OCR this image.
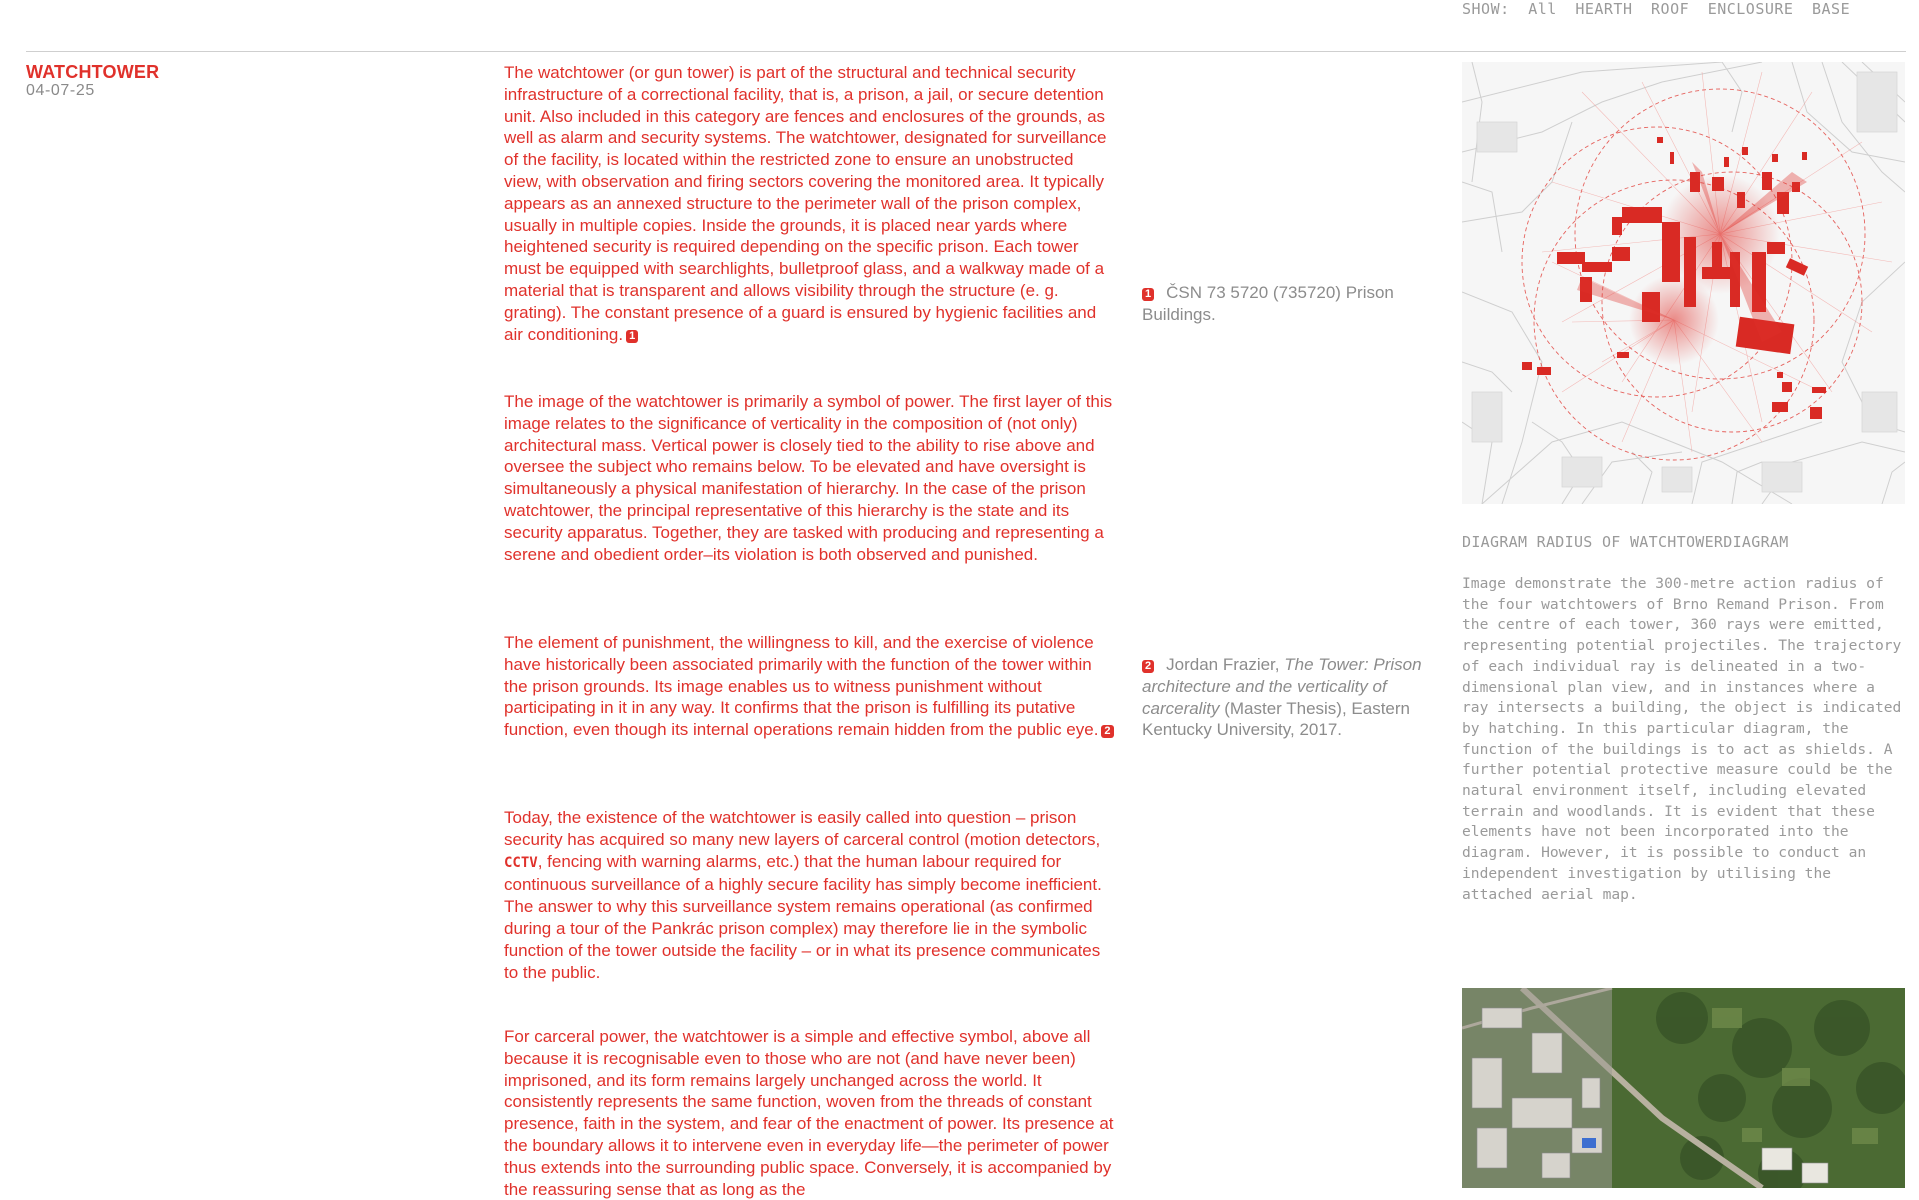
SHOW: All HEARTH ROOF ENCLOSURE BASE
WATCHTOWER
04-07-25

The watchtower (or gun tower) is part of the structural and technical security infrastructure of a correctional facility, that is, a prison, a jail, or secure detention unit. Also included in this category are fences and enclosures of the grounds, as well as alarm and security systems. The watchtower, designated for surveillance of the facility, is located within the restricted zone to ensure an unobstructed view, with observation and firing sectors covering the monitored area. It typically appears as an annexed structure to the perimeter wall of the prison complex, usually in multiple copies. Inside the grounds, it is placed near yards where heightened security is required depending on the specific prison. Each tower must be equipped with searchlights, bulletproof glass, and a walkway made of a material that is transparent and allows visibility through the structure (e. g. grating). The constant presence of a guard is ensured by hygienic facilities and air conditioning. 1

The image of the watchtower is primarily a symbol of power. The first layer of this image relates to the significance of verticality in the composition of (not only) architectural mass. Vertical power is closely tied to the ability to rise above and oversee the subject who remains below. To be elevated and have oversight is simultaneously a physical manifestation of hierarchy. In the case of the prison watchtower, the principal representative of this hierarchy is the state and its security apparatus. Together, they are tasked with producing and representing a serene and obedient order–its violation is both observed and punished.

The element of punishment, the willingness to kill, and the exercise of violence have historically been associated primarily with the function of the tower within the prison grounds. Its image enables us to witness punishment without participating in it in any way. It confirms that the prison is fulfilling its putative function, even though its internal operations remain hidden from the public eye. 2

Today, the existence of the watchtower is easily called into question – prison security has acquired so many new layers of carceral control (motion detectors, CCTV, fencing with warning alarms, etc.) that the human labour required for continuous surveillance of a highly secure facility has simply become inefficient. The answer to why this surveillance system remains operational (as confirmed during a tour of the Pankrác prison complex) may therefore lie in the symbolic function of the tower outside the facility – or in what its presence communicates to the public.

For carceral power, the watchtower is a simple and effective symbol, above all because it is recognisable even to those who are not (and have never been) imprisoned, and its form remains largely unchanged across the world. It consistently represents the same function, woven from the threads of constant presence, faith in the system, and fear of the enactment of power. Its presence at the boundary allows it to intervene even in everyday life—the perimeter of power thus extends into the surrounding public space. Conversely, it is accompanied by the reassuring sense that as long as the

1 ČSN 73 5720 (735720) Prison Buildings.
2 Jordan Frazier, The Tower: Prison architecture and the verticality of carcerality (Master Thesis), Eastern Kentucky University, 2017.
DIAGRAM RADIUS OF WATCHTOWERDIAGRAM
Image demonstrate the 300-metre action radius of the four watchtowers of Brno Remand Prison. From the centre of each tower, 360 rays were emitted, representing potential projectiles. The trajectory of each individual ray is delineated in a two-dimensional plan view, and in instances where a ray intersects a building, the object is indicated by hatching. In this particular diagram, the function of the buildings is to act as shields. A further potential protective measure could be the natural environment itself, including elevated terrain and woodlands. It is evident that these elements have not been incorporated into the diagram. However, it is possible to conduct an independent investigation by utilising the attached aerial map.
